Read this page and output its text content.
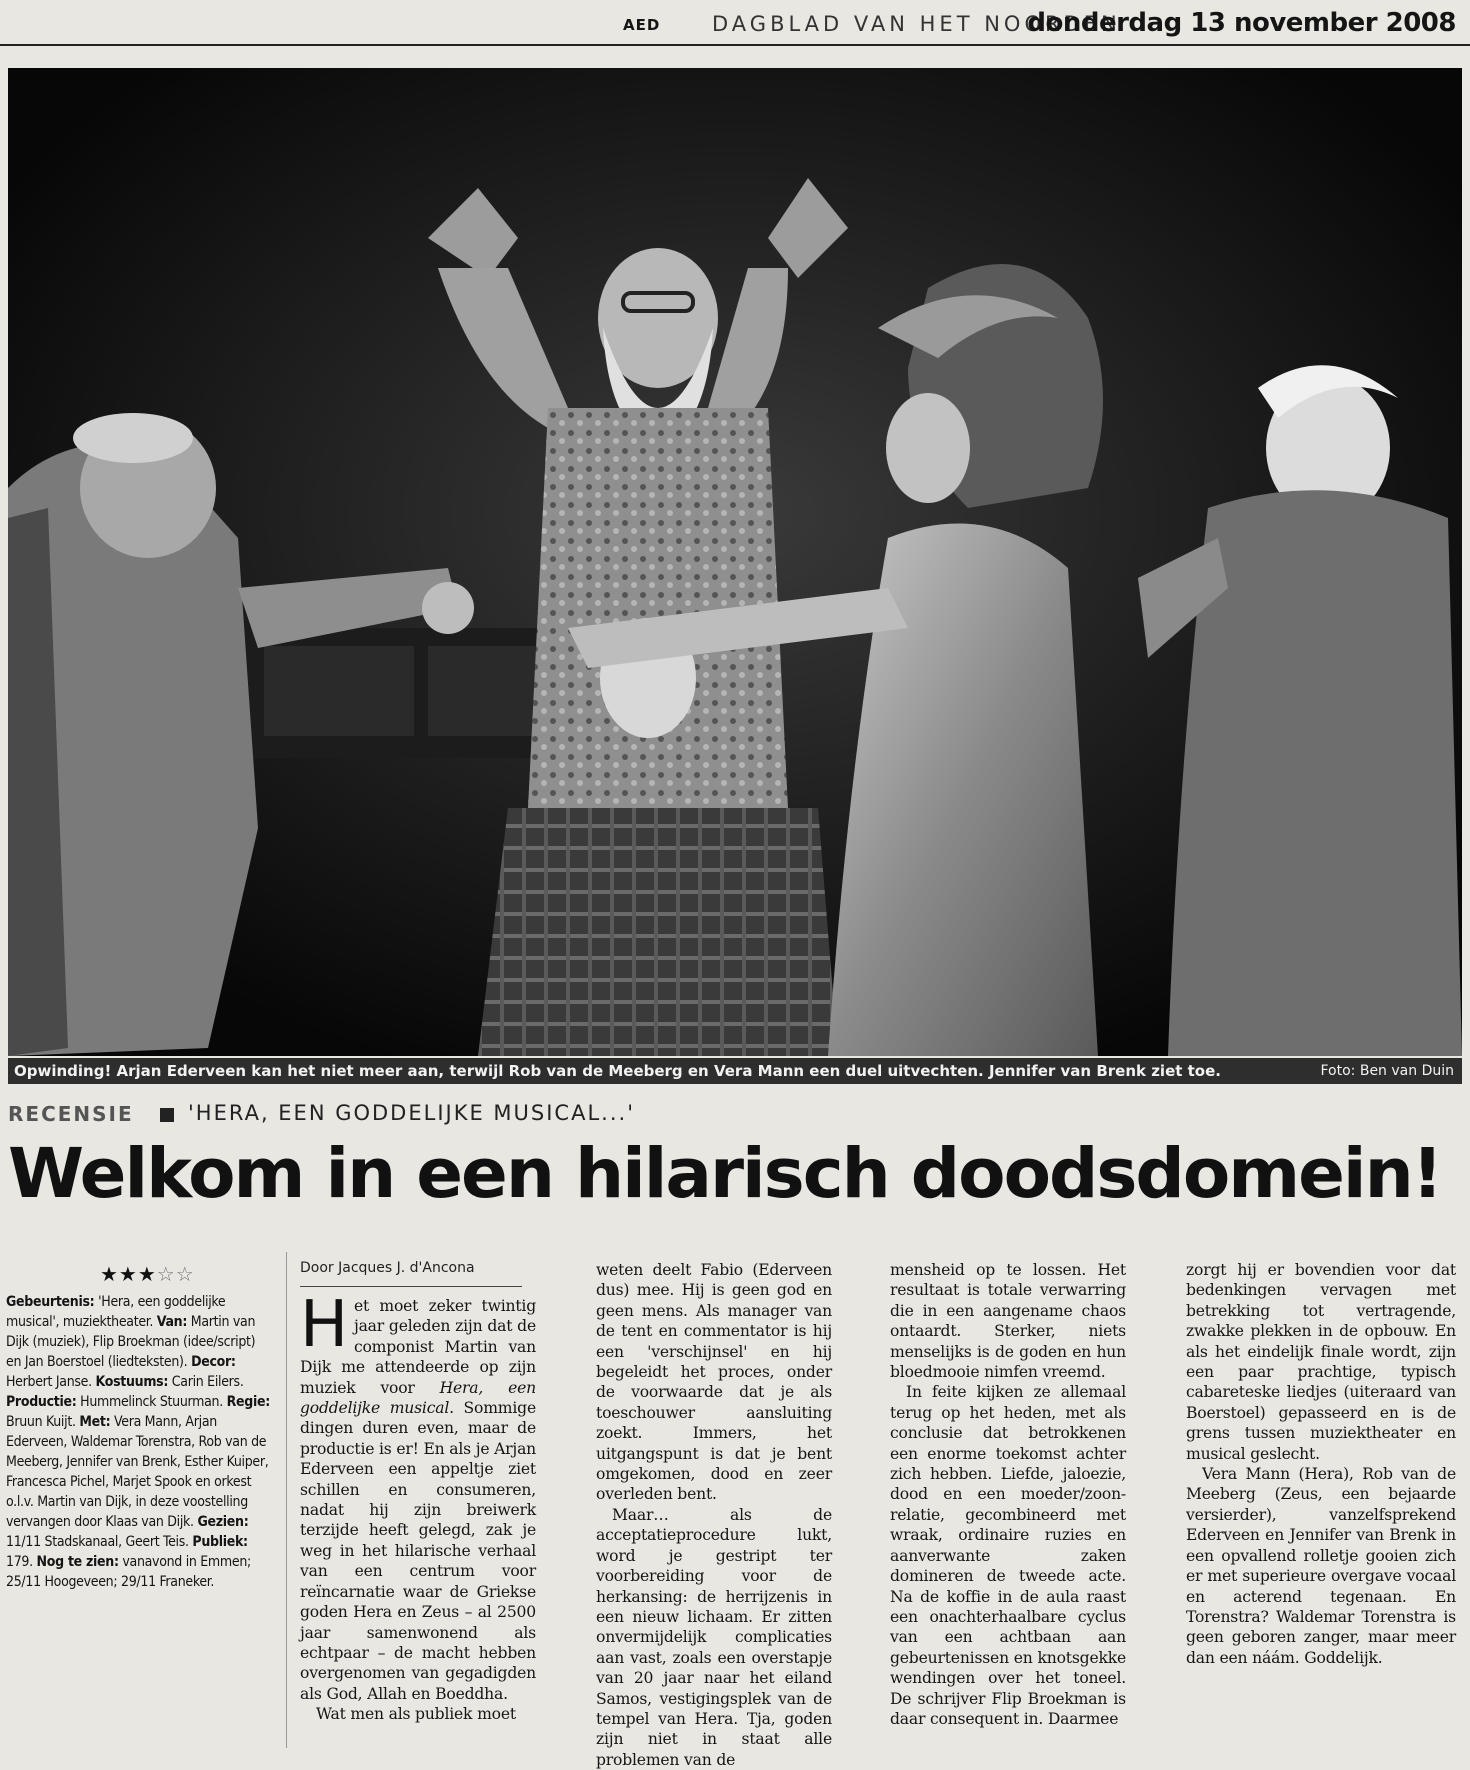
AED DAGBLAD VAN HET NOORDEN
donderdag 13 november 2008
Opwinding! Arjan Ederveen kan het niet meer aan, terwijl Rob van de Meeberg en Vera Mann een duel uitvechten. Jennifer van Brenk ziet toe.	Foto: Ben van Duin
RECENSIE	'HERA, EEN GODDELIJKE MUSICAL...'
Welkom in een hilarisch doodsdomein!
★★★☆☆
Gebeurtenis: 'Hera, een goddelijke musical', muziektheater. Van: Martin van Dijk (muziek), Flip Broekman (idee/script) en Jan Boerstoel (liedteksten). Decor: Herbert Janse. Kostuums: Carin Eilers. Productie: Hummelinck Stuurman. Regie: Bruun Kuijt. Met: Vera Mann, Arjan Ederveen, Waldemar Torenstra, Rob van de Meeberg, Jennifer van Brenk, Esther Kuiper, Francesca Pichel, Marjet Spook en orkest o.l.v. Martin van Dijk, in deze voostelling vervangen door Klaas van Dijk. Gezien: 11/11 Stadskanaal, Geert Teis. Publiek: 179. Nog te zien: vanavond in Emmen; 25/11 Hoogeveen; 29/11 Franeker.
Door Jacques J. d'Ancona

Het moet zeker twintig jaar geleden zijn dat de componist Martin van Dijk me attendeerde op zijn muziek voor Hera, een goddelijke musical. Sommige dingen duren even, maar de productie is er! En als je Arjan Ederveen een appeltje ziet schillen en consumeren, nadat hij zijn breiwerk terzijde heeft gelegd, zak je weg in het hilarische verhaal van een centrum voor reïncarnatie waar de Griekse goden Hera en Zeus – al 2500 jaar samenwonend als echtpaar – de macht hebben overgenomen van gegadigden als God, Allah en Boeddha.

Wat men als publiek moet

weten deelt Fabio (Ederveen dus) mee. Hij is geen god en geen mens. Als manager van de tent en commentator is hij een 'verschijnsel' en hij begeleidt het proces, onder de voorwaarde dat je als toeschouwer aansluiting zoekt. Immers, het uitgangspunt is dat je bent omgekomen, dood en zeer overleden bent.

Maar… als de acceptatieprocedure lukt, word je gestript ter voorbereiding voor de herkansing: de herrijzenis in een nieuw lichaam. Er zitten onvermijdelijk complicaties aan vast, zoals een overstapje van 20 jaar naar het eiland Samos, vestigingsplek van de tempel van Hera. Tja, goden zijn niet in staat alle problemen van de

mensheid op te lossen. Het resultaat is totale verwarring die in een aangename chaos ontaardt. Sterker, niets menselijks is de goden en hun bloedmooie nimfen vreemd.

In feite kijken ze allemaal terug op het heden, met als conclusie dat betrokkenen een enorme toekomst achter zich hebben. Liefde, jaloezie, dood en een moeder/zoon-relatie, gecombineerd met wraak, ordinaire ruzies en aanverwante zaken domineren de tweede acte. Na de koffie in de aula raast een onachterhaalbare cyclus van een achtbaan aan gebeurtenissen en knotsgekke wendingen over het toneel. De schrijver Flip Broekman is daar consequent in. Daarmee

zorgt hij er bovendien voor dat bedenkingen vervagen met betrekking tot vertragende, zwakke plekken in de opbouw. En als het eindelijk finale wordt, zijn een paar prachtige, typisch cabareteske liedjes (uiteraard van Boerstoel) gepasseerd en is de grens tussen muziektheater en musical geslecht.

Vera Mann (Hera), Rob van de Meeberg (Zeus, een bejaarde versierder), vanzelfsprekend Ederveen en Jennifer van Brenk in een opvallend rolletje gooien zich er met superieure overgave vocaal en acterend tegenaan. En Torenstra? Waldemar Torenstra is geen geboren zanger, maar meer dan een náám. Goddelijk.
